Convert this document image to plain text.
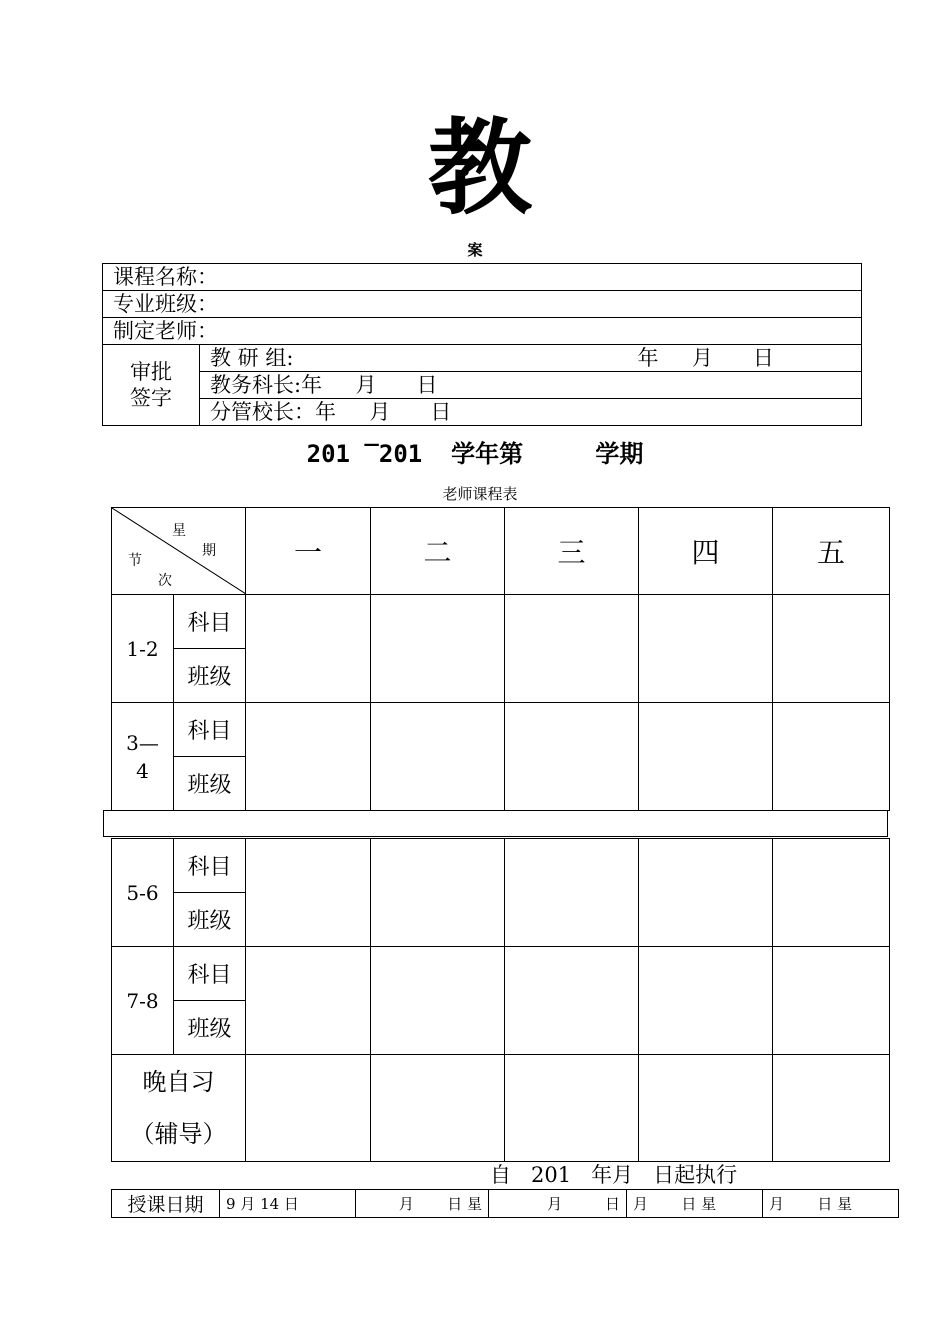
教
案
课程名称：
专业班级：
制定老师：

审批
签字
	教 研 组:	年     月      日

教务科长:年     月      日
分管校长：年     月      日
201 ‾201  学年第     学期
老师课程表
星
期
节
次		一	二	三	四	五
1-2	科目					
	班级					
3—4	科目					
	班级					

5-6	科目					
	班级					
7-8	科目					
	班级					

晚自习
（辅导）						

自   201   年月   日起执行
授课日期	9 月 14 日	月       日 星	月         日	月       日 星	月       日 星
